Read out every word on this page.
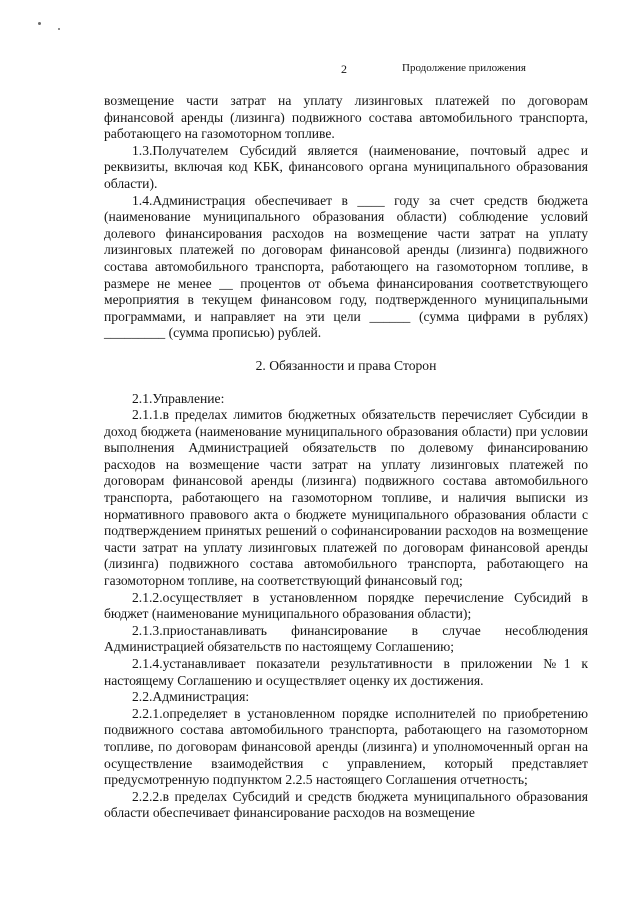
2	Продолжение приложения

возмещение части затрат на уплату лизинговых платежей по договорам финансовой аренды (лизинга) подвижного состава автомобильного транспорта, работающего на газомоторном топливе.

1.3.Получателем Субсидий является (наименование, почтовый адрес и реквизиты, включая код КБК, финансового органа муниципального образования области).

1.4.Администрация обеспечивает в ____ году за счет средств бюджета (наименование муниципального образования области) соблюдение условий долевого финансирования расходов на возмещение части затрат на уплату лизинговых платежей по договорам финансовой аренды (лизинга) подвижного состава автомобильного транспорта, работающего на газомоторном топливе, в размере не менее __ процентов от объема финансирования соответствующего мероприятия в текущем финансовом году, подтвержденного муниципальными программами, и направляет на эти цели ______ (сумма цифрами в рублях) _________ (сумма прописью) рублей.

2. Обязанности и права Сторон

2.1.Управление:

2.1.1.в пределах лимитов бюджетных обязательств перечисляет Субсидии в доход бюджета (наименование муниципального образования области) при условии выполнения Администрацией обязательств по долевому финансированию расходов на возмещение части затрат на уплату лизинговых платежей по договорам финансовой аренды (лизинга) подвижного состава автомобильного транспорта, работающего на газомоторном топливе, и наличия выписки из нормативного правового акта о бюджете муниципального образования области с подтверждением принятых решений о софинансировании расходов на возмещение части затрат на уплату лизинговых платежей по договорам финансовой аренды (лизинга) подвижного состава автомобильного транспорта, работающего на газомоторном топливе, на соответствующий финансовый год;

2.1.2.осуществляет в установленном порядке перечисление Субсидий в бюджет (наименование муниципального образования области);

2.1.3.приостанавливать финансирование в случае несоблюдения Администрацией обязательств по настоящему Соглашению;

2.1.4.устанавливает показатели результативности в приложении №1 к настоящему Соглашению и осуществляет оценку их достижения.

2.2.Администрация:

2.2.1.определяет в установленном порядке исполнителей по приобретению подвижного состава автомобильного транспорта, работающего на газомоторном топливе, по договорам финансовой аренды (лизинга) и уполномоченный орган на осуществление взаимодействия с управлением, который представляет предусмотренную подпунктом 2.2.5 настоящего Соглашения отчетность;

2.2.2.в пределах Субсидий и средств бюджета муниципального образования области обеспечивает финансирование расходов на возмещение
